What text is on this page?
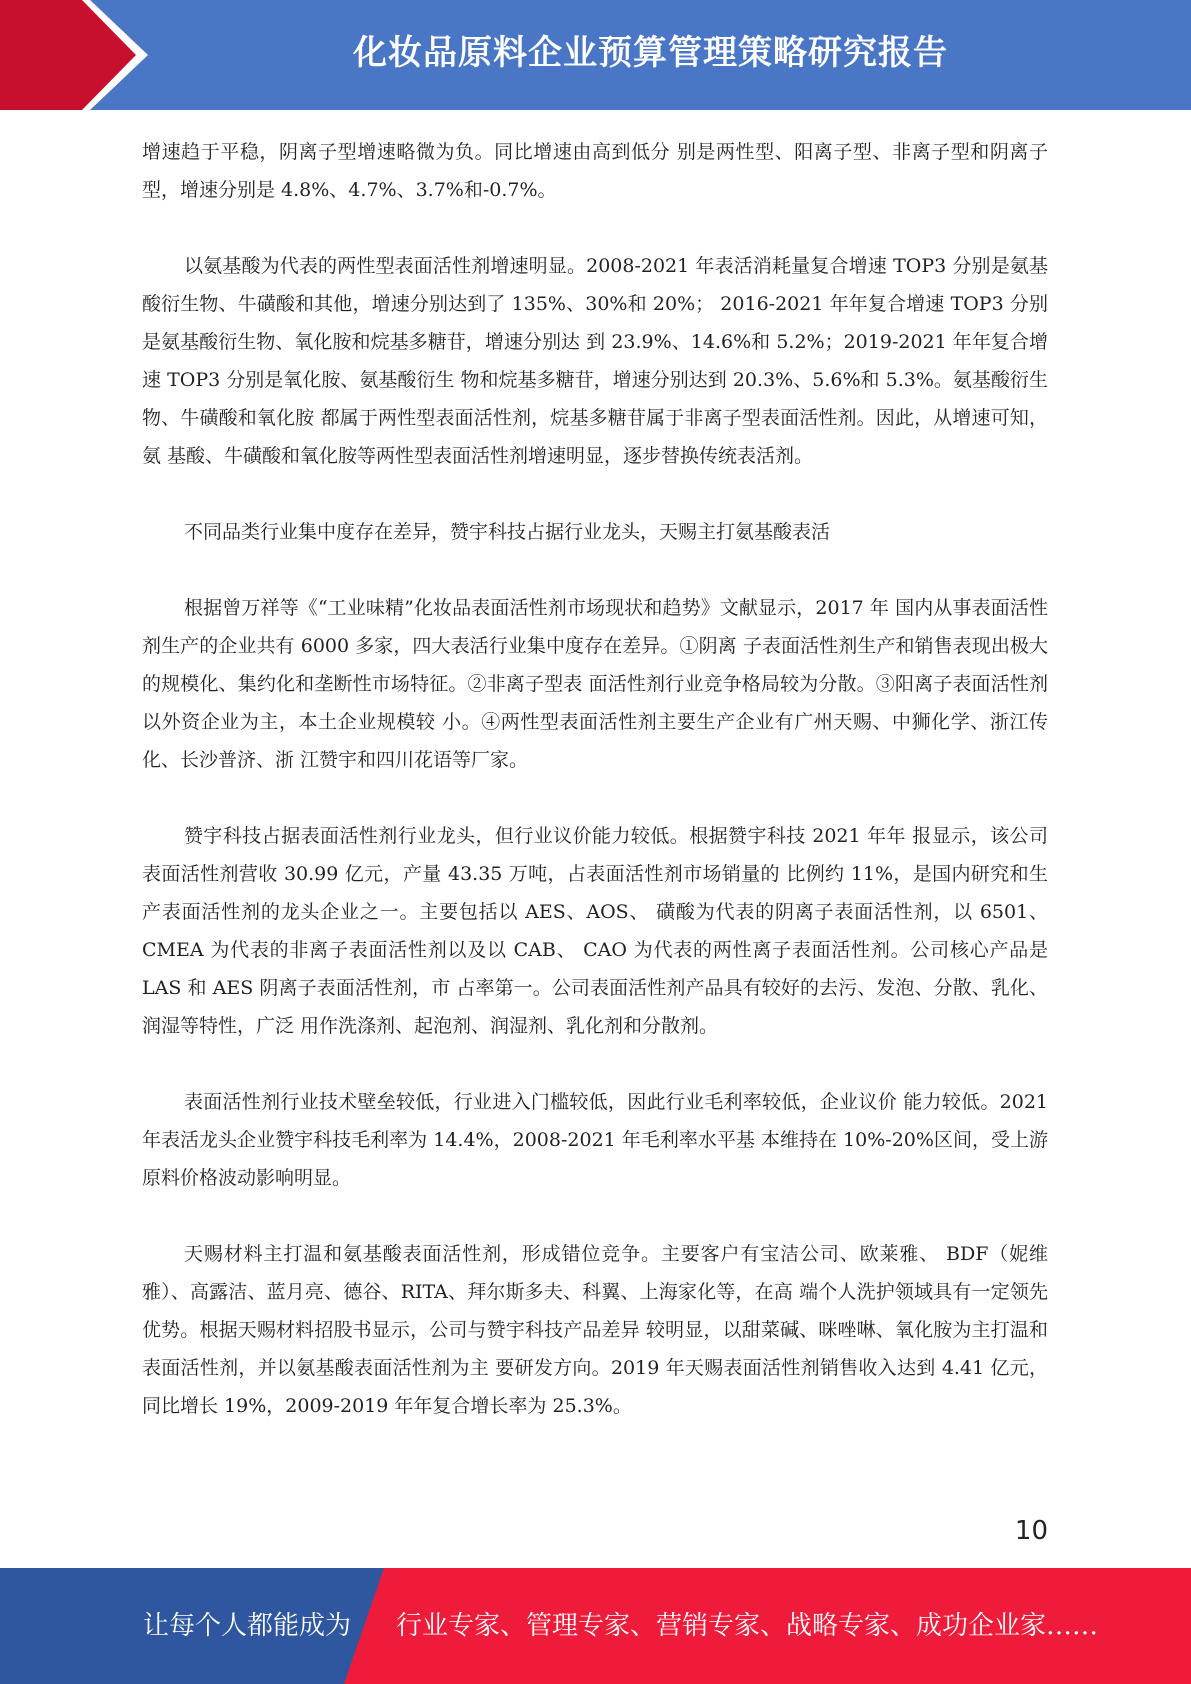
化妆品原料企业预算管理策略研究报告

增速趋于平稳，阴离子型增速略微为负。同比增速由高到低分 别是两性型、阳离子型、非离子型和阴离子型，增速分别是 4.8%、4.7%、3.7%和-0.7%。

以氨基酸为代表的两性型表面活性剂增速明显。2008-2021 年表活消耗量复合增速 TOP3 分别是氨基酸衍生物、牛磺酸和其他，增速分别达到了 135%、30%和 20%； 2016-2021 年年复合增速 TOP3 分别是氨基酸衍生物、氧化胺和烷基多糖苷，增速分别达 到 23.9%、14.6%和 5.2%；2019-2021 年年复合增速 TOP3 分别是氧化胺、氨基酸衍生 物和烷基多糖苷，增速分别达到 20.3%、5.6%和 5.3%。氨基酸衍生物、牛磺酸和氧化胺 都属于两性型表面活性剂，烷基多糖苷属于非离子型表面活性剂。因此，从增速可知，氨 基酸、牛磺酸和氧化胺等两性型表面活性剂增速明显，逐步替换传统表活剂。

不同品类行业集中度存在差异，赞宇科技占据行业龙头，天赐主打氨基酸表活

根据曾万祥等《“工业味精”化妆品表面活性剂市场现状和趋势》文献显示，2017 年 国内从事表面活性剂生产的企业共有 6000 多家，四大表活行业集中度存在差异。①阴离 子表面活性剂生产和销售表现出极大的规模化、集约化和垄断性市场特征。②非离子型表 面活性剂行业竞争格局较为分散。③阳离子表面活性剂以外资企业为主，本土企业规模较 小。④两性型表面活性剂主要生产企业有广州天赐、中狮化学、浙江传化、长沙普济、浙 江赞宇和四川花语等厂家。

赞宇科技占据表面活性剂行业龙头，但行业议价能力较低。根据赞宇科技 2021 年年 报显示，该公司表面活性剂营收 30.99 亿元，产量 43.35 万吨，占表面活性剂市场销量的 比例约 11%，是国内研究和生产表面活性剂的龙头企业之一。主要包括以 AES、AOS、 磺酸为代表的阴离子表面活性剂，以 6501、CMEA 为代表的非离子表面活性剂以及以 CAB、 CAO 为代表的两性离子表面活性剂。公司核心产品是 LAS 和 AES 阴离子表面活性剂，市 占率第一。公司表面活性剂产品具有较好的去污、发泡、分散、乳化、润湿等特性，广泛 用作洗涤剂、起泡剂、润湿剂、乳化剂和分散剂。

表面活性剂行业技术壁垒较低，行业进入门槛较低，因此行业毛利率较低，企业议价 能力较低。2021 年表活龙头企业赞宇科技毛利率为 14.4%，2008-2021 年毛利率水平基 本维持在 10%-20%区间，受上游原料价格波动影响明显。

天赐材料主打温和氨基酸表面活性剂，形成错位竞争。主要客户有宝洁公司、欧莱雅、 BDF（妮维雅）、高露洁、蓝月亮、德谷、RITA、拜尔斯多夫、科翼、上海家化等，在高 端个人洗护领域具有一定领先优势。根据天赐材料招股书显示，公司与赞宇科技产品差异 较明显，以甜菜碱、咪唑啉、氧化胺为主打温和表面活性剂，并以氨基酸表面活性剂为主 要研发方向。2019 年天赐表面活性剂销售收入达到 4.41 亿元，同比增长 19%，2009-2019 年年复合增长率为 25.3%。

10
让每个人都能成为 行业专家、管理专家、营销专家、战略专家、成功企业家……
